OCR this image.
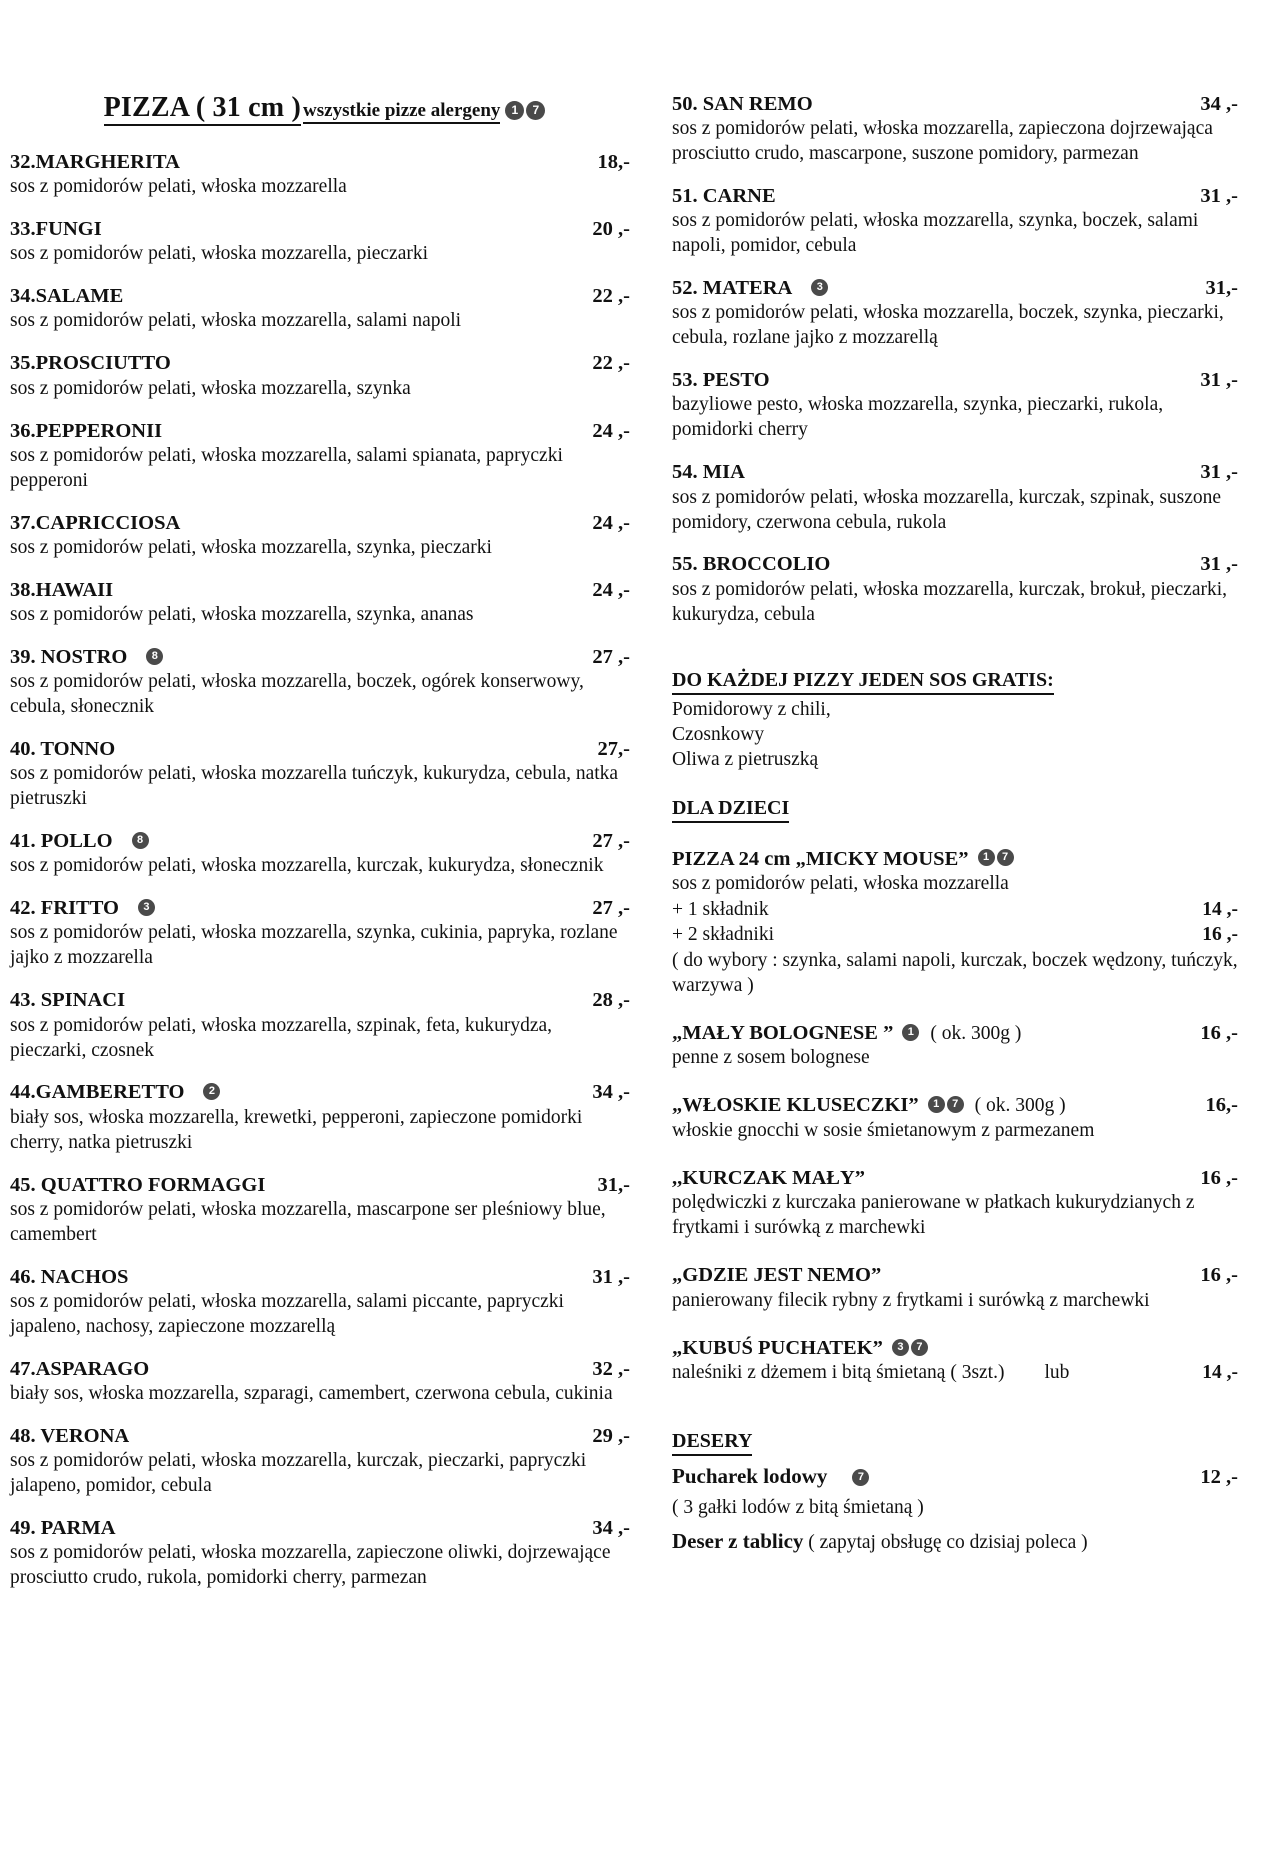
PIZZA ( 31 cm ) wszystkie pizze alergeny 1 7
32.MARGHERITA	18,-
sos z pomidorów pelati, włoska mozzarella
33.FUNGI	20 ,-
sos z pomidorów pelati, włoska mozzarella, pieczarki
34.SALAME	22 ,-
sos z pomidorów pelati, włoska mozzarella, salami napoli
35.PROSCIUTTO	22 ,-
sos z pomidorów pelati, włoska mozzarella, szynka
36.PEPPERONII	24 ,-
sos z pomidorów pelati, włoska mozzarella, salami spianata, papryczki pepperoni
37.CAPRICCIOSA	24 ,-
sos z pomidorów pelati, włoska mozzarella, szynka, pieczarki
38.HAWAII	24 ,-
sos z pomidorów pelati, włoska mozzarella, szynka, ananas
39. NOSTRO	8	27 ,-
sos z pomidorów pelati, włoska mozzarella, boczek, ogórek konserwowy, cebula, słonecznik
40. TONNO	27,-
sos z pomidorów pelati, włoska mozzarella tuńczyk, kukurydza, cebula, natka pietruszki
41. POLLO	8	27 ,-
sos z pomidorów pelati, włoska mozzarella, kurczak, kukurydza, słonecznik
42. FRITTO	3	27 ,-
sos z pomidorów pelati, włoska mozzarella, szynka, cukinia, papryka, rozlane jajko z mozzarella
43. SPINACI	28 ,-
sos z pomidorów pelati, włoska mozzarella, szpinak, feta, kukurydza, pieczarki, czosnek
44.GAMBERETTO	2	34 ,-
biały sos, włoska mozzarella, krewetki, pepperoni, zapieczone pomidorki cherry, natka pietruszki
45. QUATTRO FORMAGGI	31,-
sos z pomidorów pelati, włoska mozzarella, mascarpone ser pleśniowy blue, camembert
46. NACHOS	31 ,-
sos z pomidorów pelati, włoska mozzarella, salami piccante, papryczki japaleno, nachosy, zapieczone mozzarellą
47.ASPARAGO	32 ,-
biały sos, włoska mozzarella, szparagi, camembert, czerwona cebula, cukinia
48. VERONA	29 ,-
sos z pomidorów pelati, włoska mozzarella, kurczak, pieczarki, papryczki jalapeno, pomidor, cebula
49. PARMA	34 ,-
sos z pomidorów pelati, włoska mozzarella, zapieczone oliwki, dojrzewające prosciutto crudo, rukola, pomidorki cherry, parmezan
50. SAN REMO	34 ,-
sos z pomidorów pelati, włoska mozzarella, zapieczona dojrzewająca prosciutto crudo, mascarpone, suszone pomidory, parmezan
51. CARNE	31 ,-
sos z pomidorów pelati, włoska mozzarella, szynka, boczek, salami napoli, pomidor, cebula
52. MATERA	3	31,-
sos z pomidorów pelati, włoska mozzarella, boczek, szynka, pieczarki, cebula, rozlane jajko z mozzarellą
53. PESTO	31 ,-
bazyliowe pesto, włoska mozzarella, szynka, pieczarki, rukola, pomidorki cherry
54. MIA	31 ,-
sos z pomidorów pelati, włoska mozzarella, kurczak, szpinak, suszone pomidory, czerwona cebula, rukola
55. BROCCOLIO	31 ,-
sos z pomidorów pelati, włoska mozzarella, kurczak, brokuł, pieczarki, kukurydza, cebula
DO KAŻDEJ PIZZY JEDEN SOS GRATIS:
Pomidorowy z chili,
Czosnkowy
Oliwa z pietruszką
DLA DZIECI
PIZZA 24 cm „MICKY MOUSE”	1 7
sos z pomidorów pelati, włoska mozzarella
+ 1 składnik	14 ,-
+ 2 składniki	16 ,-
( do wybory : szynka, salami napoli, kurczak, boczek wędzony, tuńczyk, warzywa )
„MAŁY BOLOGNESE ”	1 ( ok. 300g )	16 ,-
penne z sosem bolognese
„WŁOSKIE KLUSECZKI”	1 7 ( ok. 300g )	16,-
włoskie gnocchi w sosie śmietanowym z parmezanem
,,KURCZAK MAŁY”	16 ,-
polędwiczki z kurczaka panierowane w płatkach kukurydzianych z frytkami i surówką z marchewki
„GDZIE JEST NEMO”	16 ,-
panierowany filecik rybny z frytkami i surówką z marchewki
„KUBUŚ PUCHATEK”	3 7
naleśniki z dżemem i bitą śmietaną ( 3szt.) lub	14 ,-
DESERY
Pucharek lodowy	7	12 ,-
( 3 gałki lodów z bitą śmietaną )
Deser z tablicy ( zapytaj obsługę co dzisiaj poleca )
